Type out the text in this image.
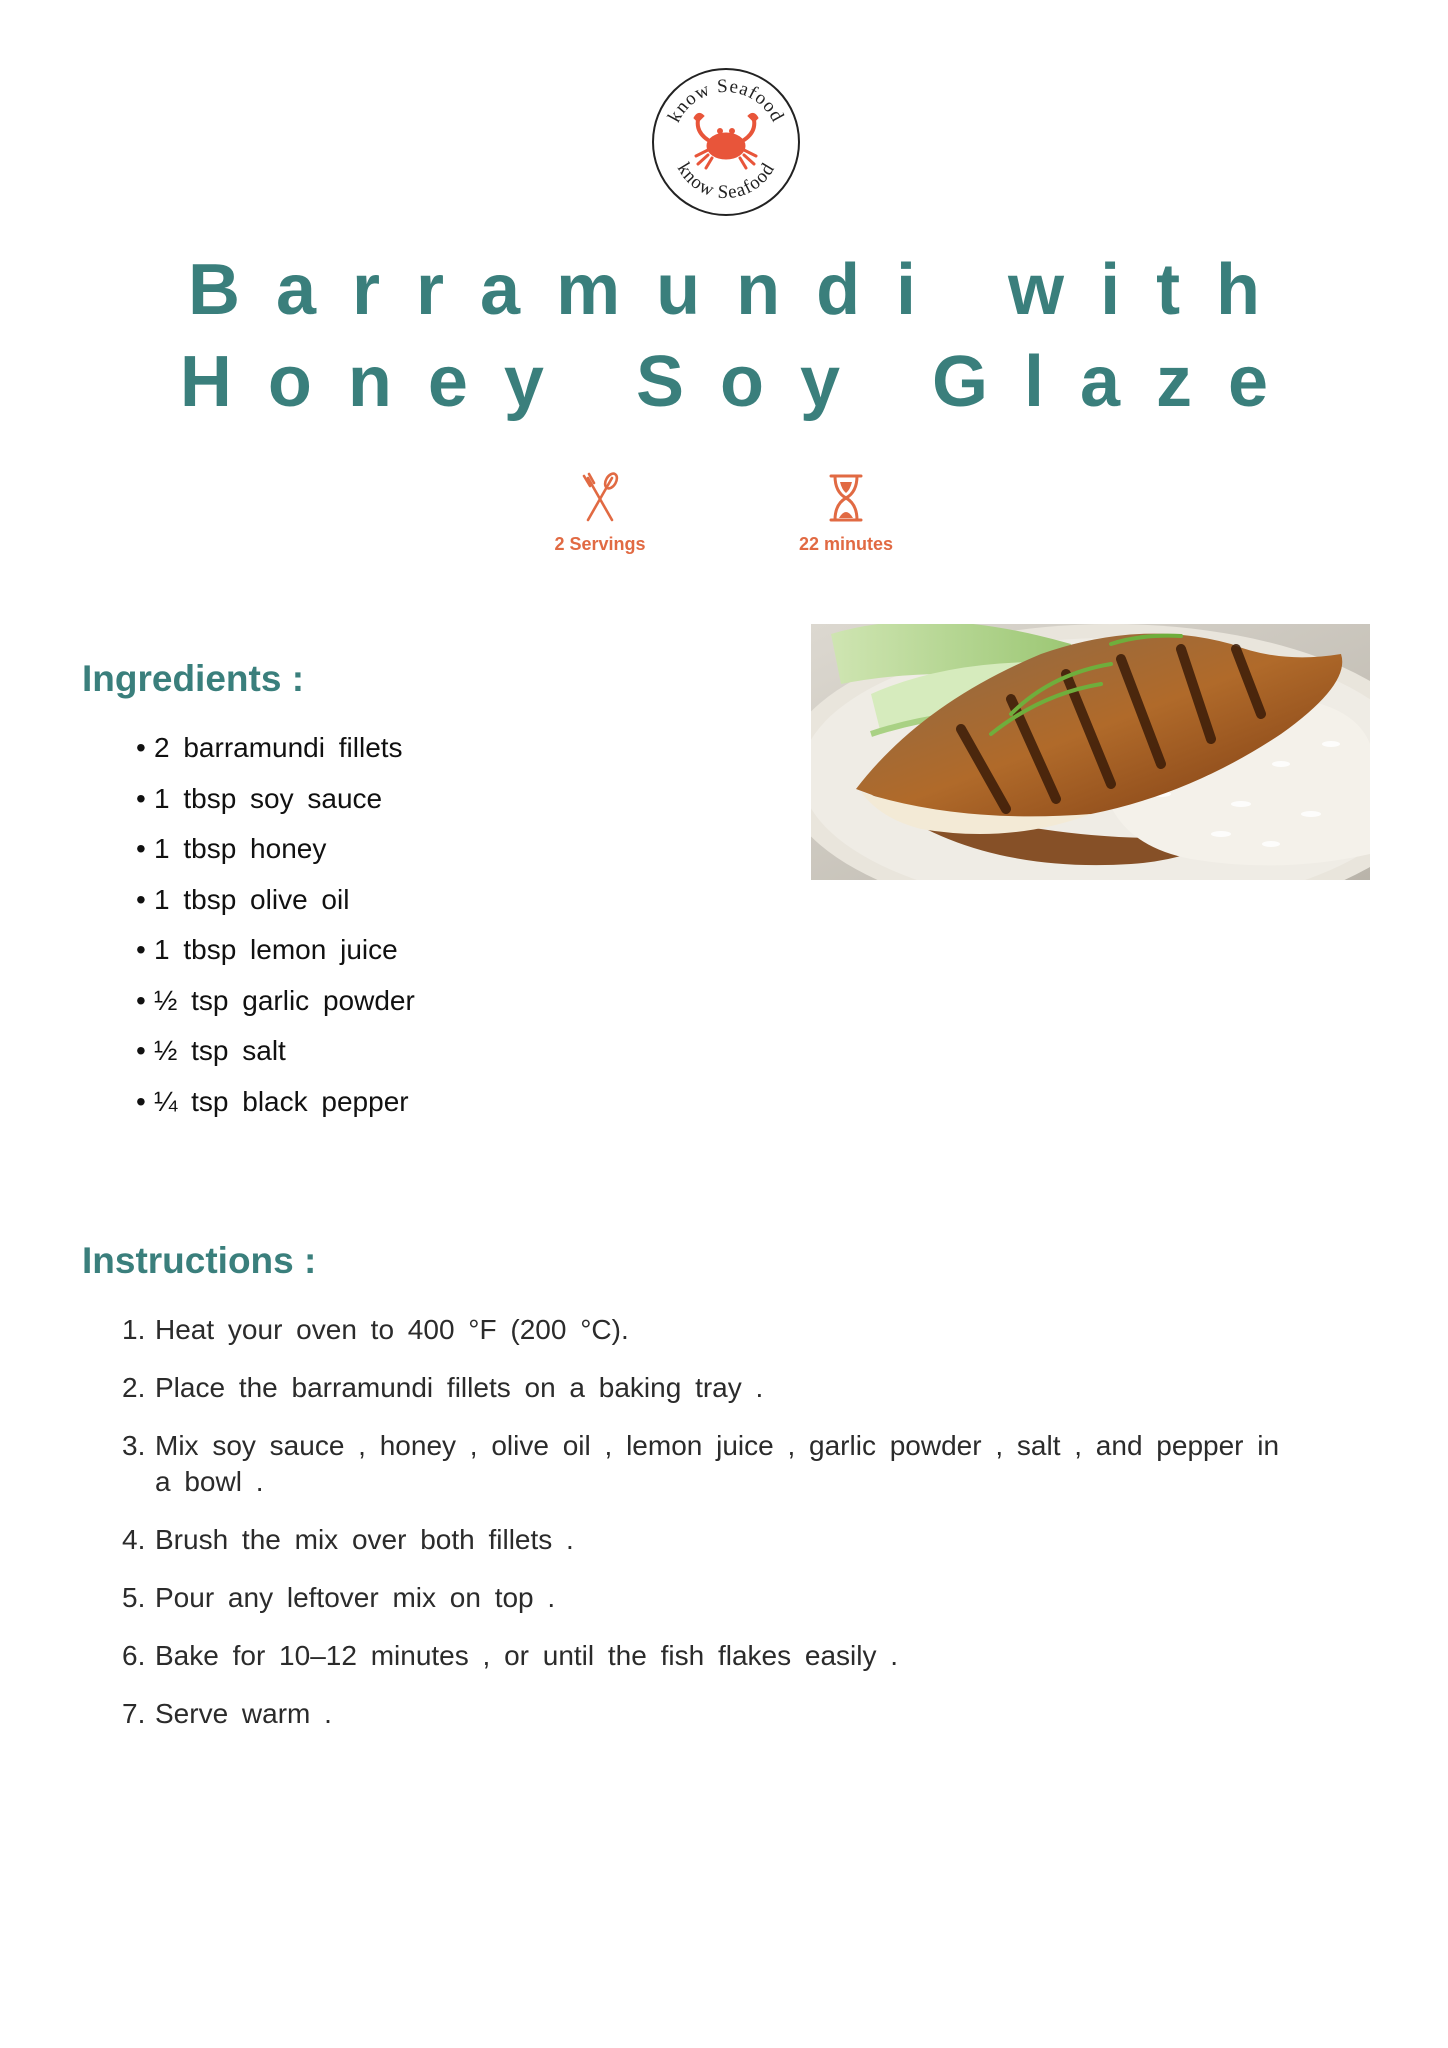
know Seafood
know Seafood
Barramundi with
Honey Soy Glaze
2 Servings	22 minutes
Ingredients :
• 2 barramundi fillets
• 1 tbsp soy sauce
• 1 tbsp honey
• 1 tbsp olive oil
• 1 tbsp lemon juice
• ½ tsp garlic powder
• ½ tsp salt
• ¼ tsp black pepper
Instructions :
1. Heat your oven to 400 °F (200 °C).
2. Place the barramundi fillets on a baking tray .
3. Mix soy sauce , honey , olive oil , lemon juice , garlic powder , salt , and pepper in a bowl .
4. Brush the mix over both fillets .
5. Pour any leftover mix on top .
6. Bake for 10–12 minutes , or until the fish flakes easily .
7. Serve warm .
